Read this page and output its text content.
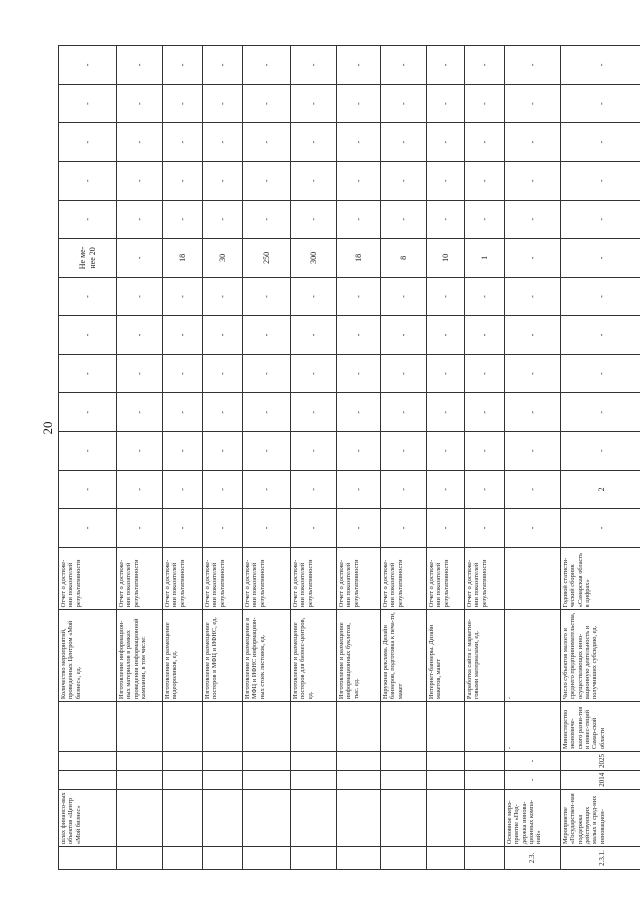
20
	шлах финансо-вых объектов «Центр «Мой бизнес»				Количество мероприятий, проведенных Центром «Мой бизнес», ед.	Отчет о достиже-нии показателей результативности	-	-	-	-	-	-	-	Не ме-нее 20	-	-	-	-	-
					Изготовление информацион-ных материалов в рамках проведения информационной кампании, в том числе:	Отчет о достиже-нии показателей результативности	-	-	-	-	-	-	-	-	-	-	-	-	-
					Изготовление и размещение видеороликов, ед.	Отчет о достиже-нии показателей результативности	-	-	-	-	-	-	-	18	-	-	-	-	-
					Изготовление и размещение постеров в МФЦ и ИФНС, ед.	Отчет о достиже-нии показателей результативности	-	-	-	-	-	-	-	30	-	-	-	-	-
					Изготовление и размещение в МФЦ и ИФНС информацион-ных стоек листовок, ед.	Отчет о достиже-нии показателей результативности	-	-	-	-	-	-	-	250	-	-	-	-	-
					Изготовление и размещение постеров для бизнес-центров, ед.	Отчет о достиже-нии показателей результативности	-	-	-	-	-	-	-	300	-	-	-	-	-
					Изготовление и размещение информационных буклетов, тыс. ед.	Отчет о достиже-нии показателей результативности	-	-	-	-	-	-	-	18	-	-	-	-	-
					Наружная реклама. Дизайн баннеров, подготовка к печа-ти, макет	Отчет о достиже-нии показателей результативности	-	-	-	-	-	-	-	8	-	-	-	-	-
					Интернет-баннеры. Дизайн макетов, макет	Отчет о достиже-нии показателей результативности	-	-	-	-	-	-	-	10	-	-	-	-	-
					Разработка сайта с маркетин-говыми материалами, ед.	Отчет о достиже-нии показателей результативности	-	-	-	-	-	-	-	1	-	-	-	-	-
2.3.	Основное меро-приятие «Под-держка иннова-ционных компа-ний»	-	-	-	-		-	-	-	-	-	-	-	-	-	-	-	-	-
2.3.1.	Мероприятие «Государствен-ная поддержка действующих малых и сред-них инновацион-	2014	2025	Министерство экономиче-ского разви-тия и инвес-тиций Самар-ской области	Число субъектов малого и среднего предпринимательства, осуществляющих инно-вационную деятельность и получивших субсидию, ед.	Годовой статисти-ческий сборник «Самарская область в цифрах»	-	2	-	-	-	-	-	-	-	-	-	-	-
